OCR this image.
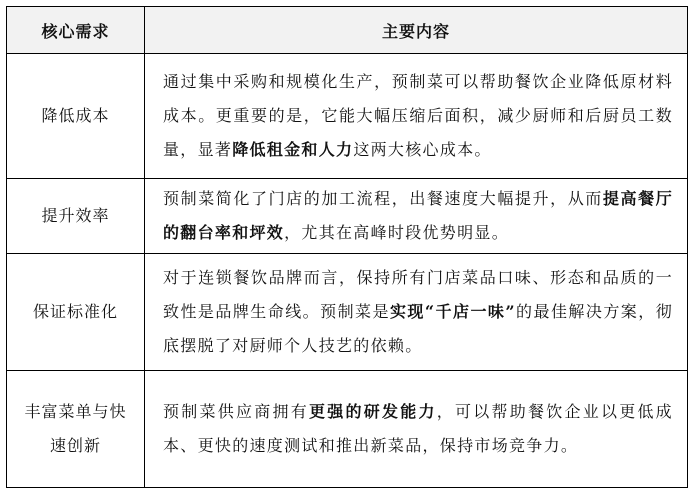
核心需求	主要内容
降低成本	通过集中采购和规模化生产，预制菜可以帮助餐饮企业降低原材料成本。更重要的是，它能大幅压缩后面积，减少厨师和后厨员工数量，显著降低租金和人力这两大核心成本。
提升效率	预制菜简化了门店的加工流程，出餐速度大幅提升，从而提高餐厅的翻台率和坪效，尤其在高峰时段优势明显。
保证标准化	对于连锁餐饮品牌而言，保持所有门店菜品口味、形态和品质的一致性是品牌生命线。预制菜是实现“千店一味”的最佳解决方案，彻底摆脱了对厨师个人技艺的依赖。
丰富菜单与快速创新	预制菜供应商拥有更强的研发能力，可以帮助餐饮企业以更低成本、更快的速度测试和推出新菜品，保持市场竞争力。
